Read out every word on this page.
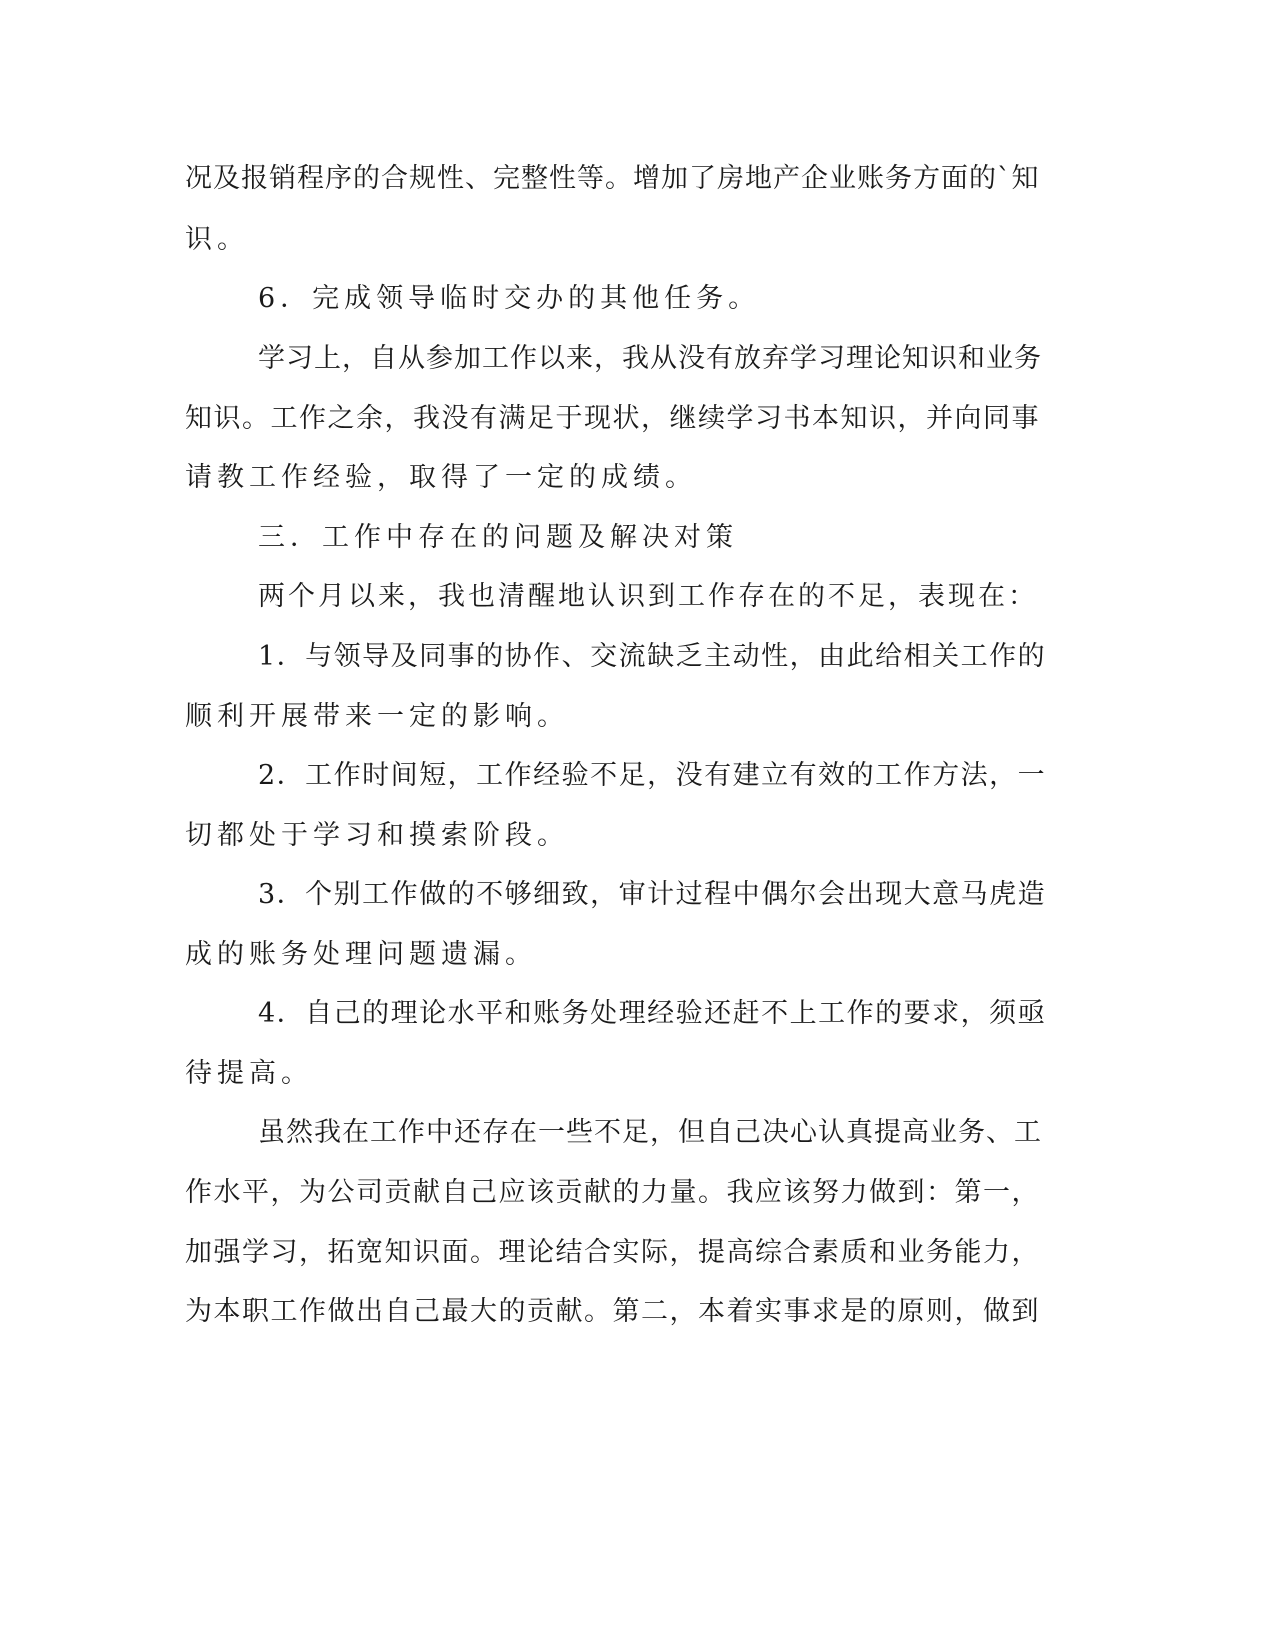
况及报销程序的合规性、完整性等。增加了房地产企业账务方面的`知
识。
6．完成领导临时交办的其他任务。
学习上，自从参加工作以来，我从没有放弃学习理论知识和业务
知识。工作之余，我没有满足于现状，继续学习书本知识，并向同事
请教工作经验，取得了一定的成绩。
三．工作中存在的问题及解决对策
两个月以来，我也清醒地认识到工作存在的不足，表现在：
1．与领导及同事的协作、交流缺乏主动性，由此给相关工作的
顺利开展带来一定的影响。
2．工作时间短，工作经验不足，没有建立有效的工作方法，一
切都处于学习和摸索阶段。
3．个别工作做的不够细致，审计过程中偶尔会出现大意马虎造
成的账务处理问题遗漏。
4．自己的理论水平和账务处理经验还赶不上工作的要求，须亟
待提高。
虽然我在工作中还存在一些不足，但自己决心认真提高业务、工
作水平，为公司贡献自己应该贡献的力量。我应该努力做到：第一，
加强学习，拓宽知识面。理论结合实际，提高综合素质和业务能力，
为本职工作做出自己最大的贡献。第二，本着实事求是的原则，做到
